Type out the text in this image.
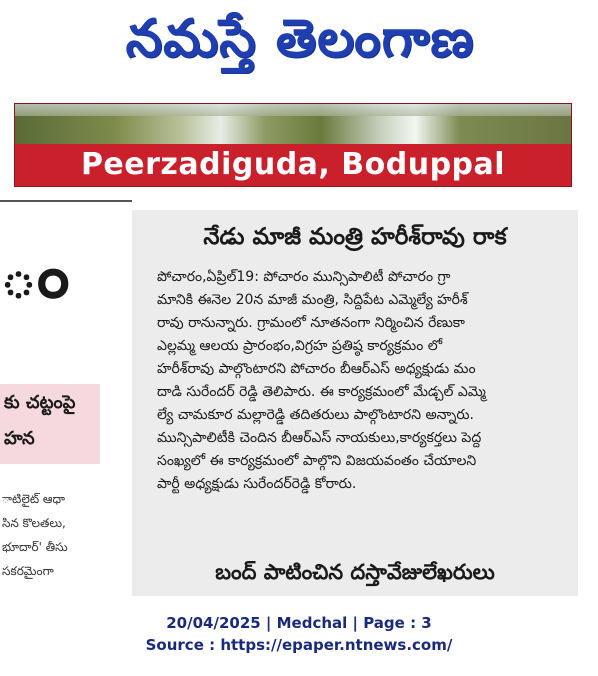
నమస్తే తెలంగాణ
Peerzadiguda, Boduppal
ం
కు చట్టంపై
హన
ాటిలైట్ ఆధా
సిన కొలతలు,
భూదార్' తీసు
సకరమైంగా
నేడు మాజీ మంత్రి హరీశ్‌రావు రాక
పోచారం,ఏప్రిల్19: పోచారం మున్సిపాలిటీ పోచారం గ్రా
మానికి ఈనెల 20న మాజీ మంత్రి, సిద్దిపేట ఎమ్మెల్యే హరీశ్
రావు రానున్నారు. గ్రామంలో నూతనంగా నిర్మించిన రేణుకా
ఎల్లమ్మ ఆలయ ప్రారంభం,విగ్రహ ప్రతిష్ఠ కార్యక్రమం లో
హరీశ్‌రావు పాల్గొంటారని పోచారం బీఆర్ఎస్ అధ్యక్షుడు మం
దాడి సురేందర్ రెడ్డి తెలిపారు. ఈ కార్యక్రమంలో మేడ్చల్ ఎమ్మె
ల్యే చామకూర మల్లారెడ్డి తదితరులు పాల్గొంటారని అన్నారు.
మున్సిపాలిటీకి చెందిన బీఆర్ఎస్ నాయకులు,కార్యకర్తలు పెద్ద
సంఖ్యలో ఈ కార్యక్రమంలో పాల్గొని విజయవంతం చేయాలని
పార్టీ అధ్యక్షుడు సురేందర్‌రెడ్డి కోరారు.
బంద్ పాటించిన దస్తావేజులేఖరులు
20/04/2025 | Medchal | Page : 3
Source : https://epaper.ntnews.com/
